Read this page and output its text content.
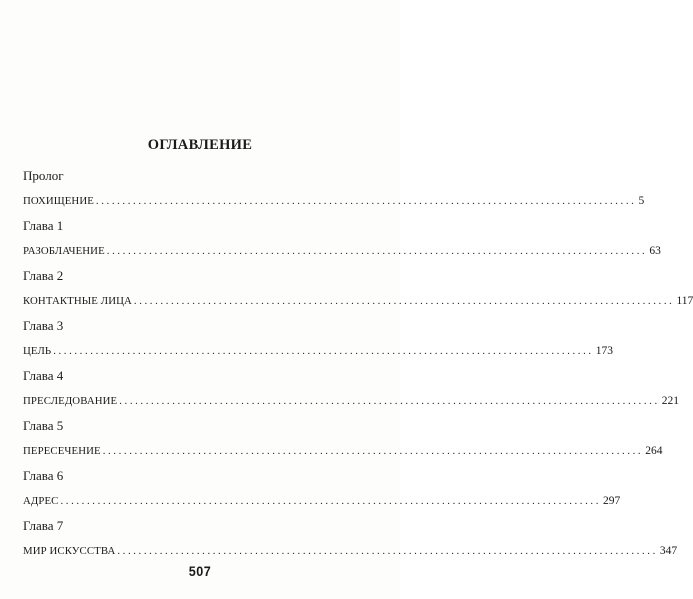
ОГЛАВЛЕНИЕ
Пролог
ПОХИЩЕНИЕ ...................................................................................................... 5
Глава 1
РАЗОБЛАЧЕНИЕ ...................................................................................................... 63
Глава 2
КОНТАКТНЫЕ ЛИЦА ...................................................................................................... 117
Глава 3
ЦЕЛЬ ...................................................................................................... 173
Глава 4
ПРЕСЛЕДОВАНИЕ ...................................................................................................... 221
Глава 5
ПЕРЕСЕЧЕНИЕ ...................................................................................................... 264
Глава 6
АДРЕС ...................................................................................................... 297
Глава 7
МИР ИСКУССТВА ...................................................................................................... 347
507
